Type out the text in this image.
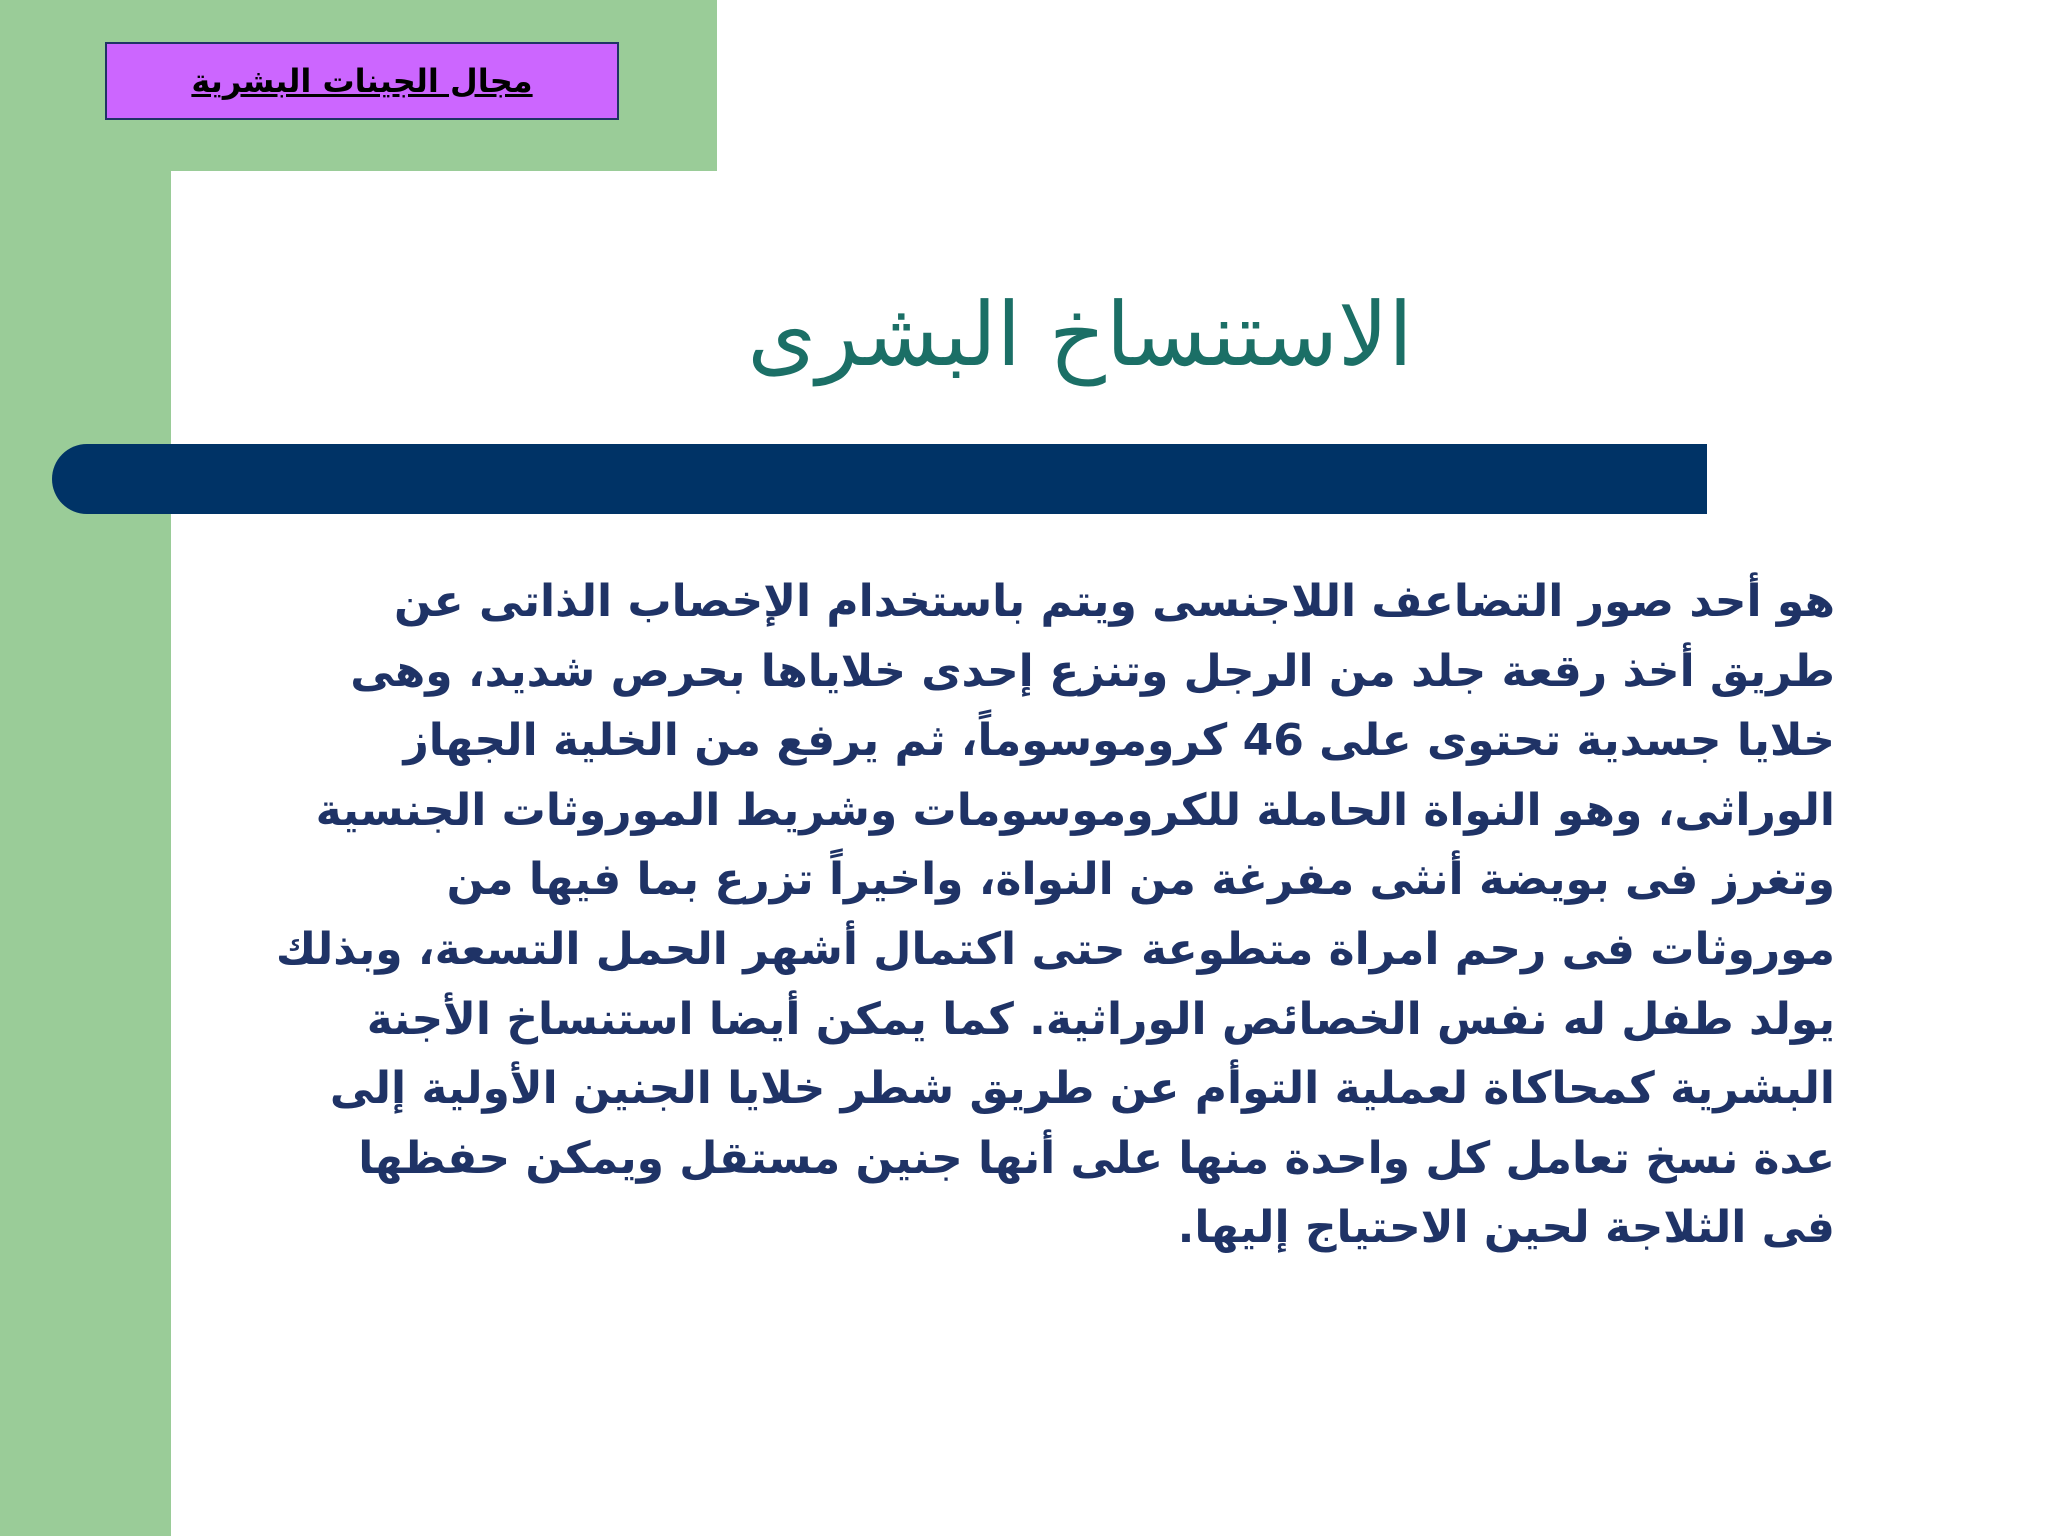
مجال الجينات البشرية
الاستنساخ البشرى

هو أحد صور التضاعف اللاجنسى ويتم باستخدام الإخصاب الذاتى عن طريق أخذ رقعة جلد من الرجل وتنزع إحدى خلاياها بحرص شديد، وهى خلايا جسدية تحتوى على 46 كروموسوماً، ثم يرفع من الخلية الجهاز الوراثى، وهو النواة الحاملة للكروموسومات وشريط الموروثات الجنسية وتغرز فى بويضة أنثى مفرغة من النواة، واخيراً تزرع بما فيها من موروثات فى رحم امراة متطوعة حتى اكتمال أشهر الحمل التسعة، وبذلك يولد طفل له نفس الخصائص الوراثية. كما يمكن أيضا استنساخ الأجنة البشرية كمحاكاة لعملية التوأم عن طريق شطر خلايا الجنين الأولية إلى عدة نسخ تعامل كل واحدة منها على أنها جنين مستقل ويمكن حفظها فى الثلاجة لحين الاحتياج إليها.
